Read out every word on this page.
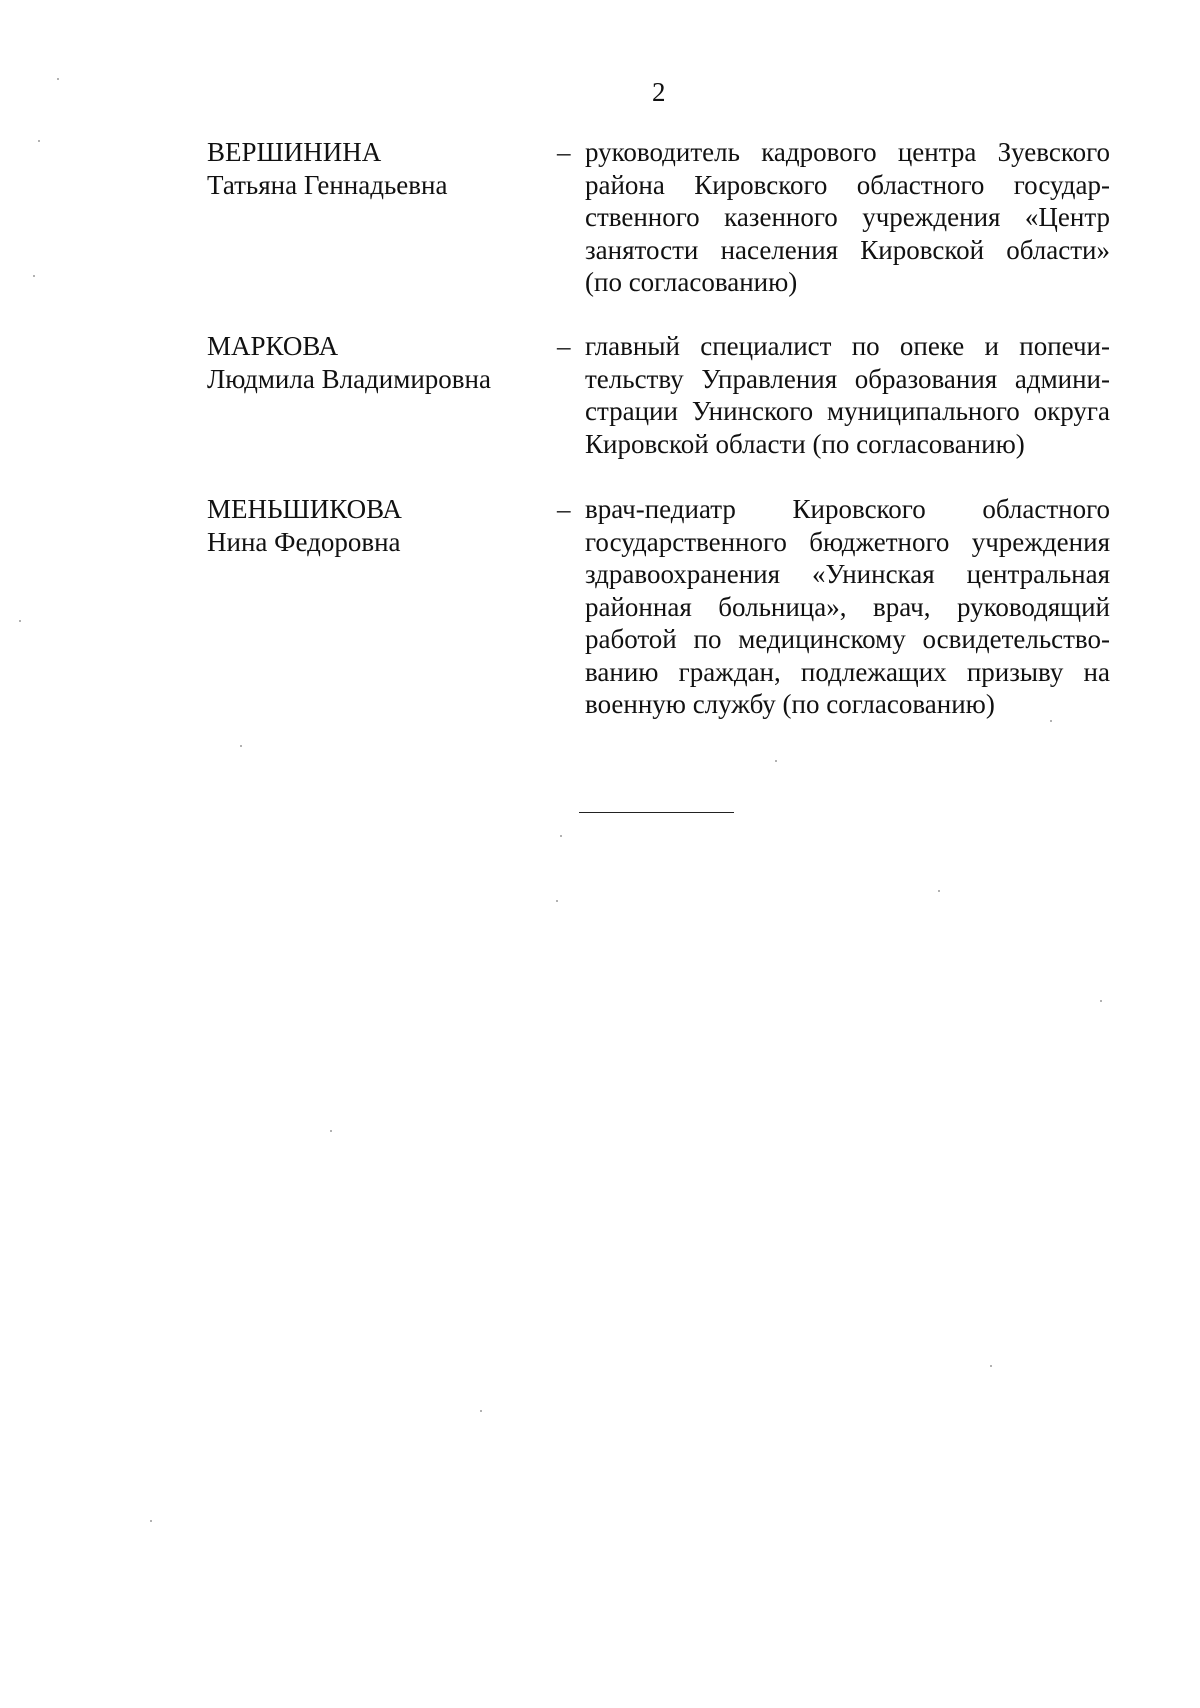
2
ВЕРШИНИНА
Татьяна Геннадьевна
– руководитель кадрового центра Зуевского
района Кировского областного государ-
ственного казенного учреждения «Центр
занятости населения Кировской области»
(по согласованию)
МАРКОВА
Людмила Владимировна
– главный специалист по опеке и попечи-
тельству Управления образования админи-
страции Унинского муниципального округа
Кировской области (по согласованию)
МЕНЬШИКОВА
Нина Федоровна
– врач-педиатр Кировского областного
государственного бюджетного учреждения
здравоохранения «Унинская центральная
районная больница», врач, руководящий
работой по медицинскому освидетельство-
ванию граждан, подлежащих призыву на
военную службу (по согласованию)
